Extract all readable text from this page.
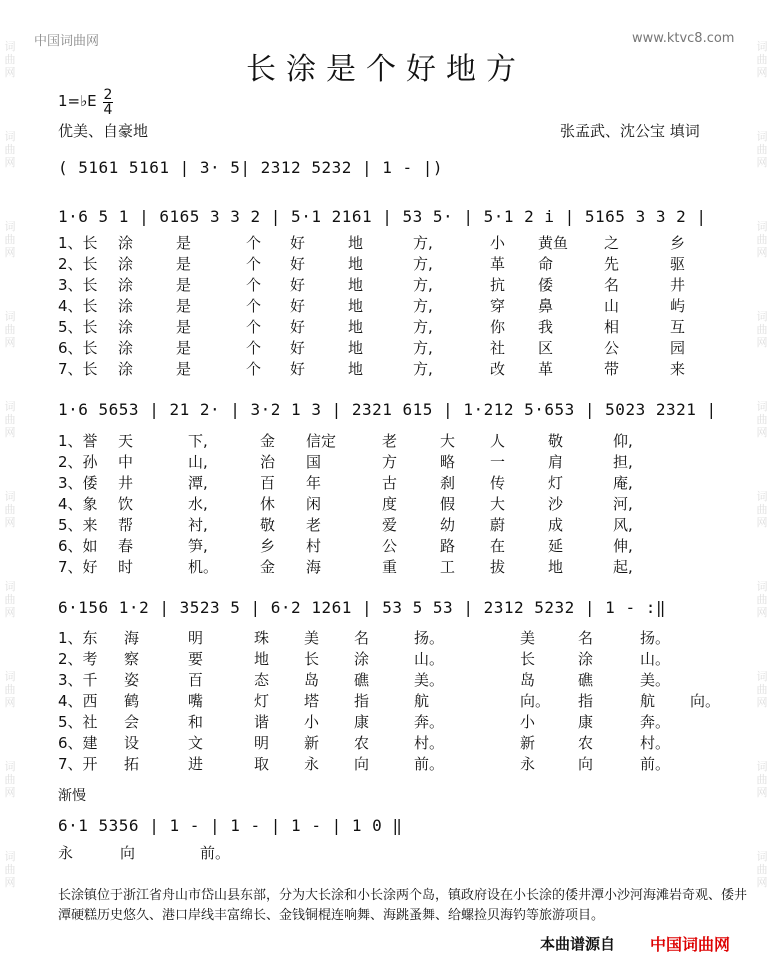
词
曲
网
词
曲
网
词
曲
网
词
曲
网
词
曲
网
词
曲
网
词
曲
网
词
曲
网
词
曲
网
词
曲
网
词
曲
网
词
曲
网
词
曲
网
词
曲
网
词
曲
网
词
曲
网
词
曲
网
词
曲
网
词
曲
网
词
曲
网
中国词曲网	www.ktvc8.com
长涂是个好地方
1=♭E 2
4
优美、自豪地	张孟武、沈公宝 填词
( 5161 5161 | 3· 5| 2312 5232 | 1 - |)
1·6 5 1 | 6165 3 3 2 | 5·1 2161 | 53 5· | 5·1 2 i | 5165 3 3 2 |
1·6 5653 | 21 2· | 3·2 1 3 | 2321 615 | 1·212 5·653 | 5023 2321 |
6·156 1·2 | 3523 5 | 6·2 1261 | 53 5 53 | 2312 5232 | 1 - :‖
6·1 5356 | 1 - | 1 - | 1 - | 1 0 ‖
1、长 涂	是	个 好	地	方,	小 黄鱼 之	乡
2、长 涂	是	个 好	地	方,	革 命	先	驱
3、长 涂	是	个 好	地	方,	抗 倭	名	井
4、长 涂	是	个 好	地	方,	穿 鼻	山	屿
5、长 涂	是	个 好	地	方,	你 我	相	互
6、长 涂	是	个 好	地	方,	社 区	公	园
7、长 涂	是	个 好	地	方,	改 革	带	来
1、誉 天	下,	金 信定	老	大 人	敬	仰,
2、孙 中	山,	治 国	方	略 一	肩	担,
3、倭 井	潭,	百 年	古	刹 传	灯	庵,
4、象 饮	水,	休 闲	度	假 大	沙	河,
5、来 帮	衬,	敬 老	爱	幼 蔚	成	风,
6、如 春	笋,	乡 村	公	路 在	延	伸,
7、好 时	机。	金 海	重	工 拔	地	起,
1、东 海	明	珠 美 名	扬。	美	名	扬。
2、考 察	要	地 长 涂	山。	长	涂	山。
3、千 姿	百	态 岛 礁	美。	岛	礁	美。
4、西 鹤	嘴	灯 塔 指	航	向。 指	航 向。
5、社 会	和	谐 小 康	奔。	小	康	奔。
6、建 设	文	明 新 农	村。	新	农	村。
7、开 拓	进	取 永 向	前。	永	向	前。
渐慢
永	向	前。
长涂镇位于浙江省舟山市岱山县东部，分为大长涂和小长涂两个岛，镇政府设在小长涂的倭井潭小沙河海滩岩奇观、倭井潭硬糕历史悠久、港口岸线丰富绵长、金钱铜棍连响舞、海跳蚤舞、给螺捡贝海钓等旅游项目。
本曲谱源自 中国词曲网
